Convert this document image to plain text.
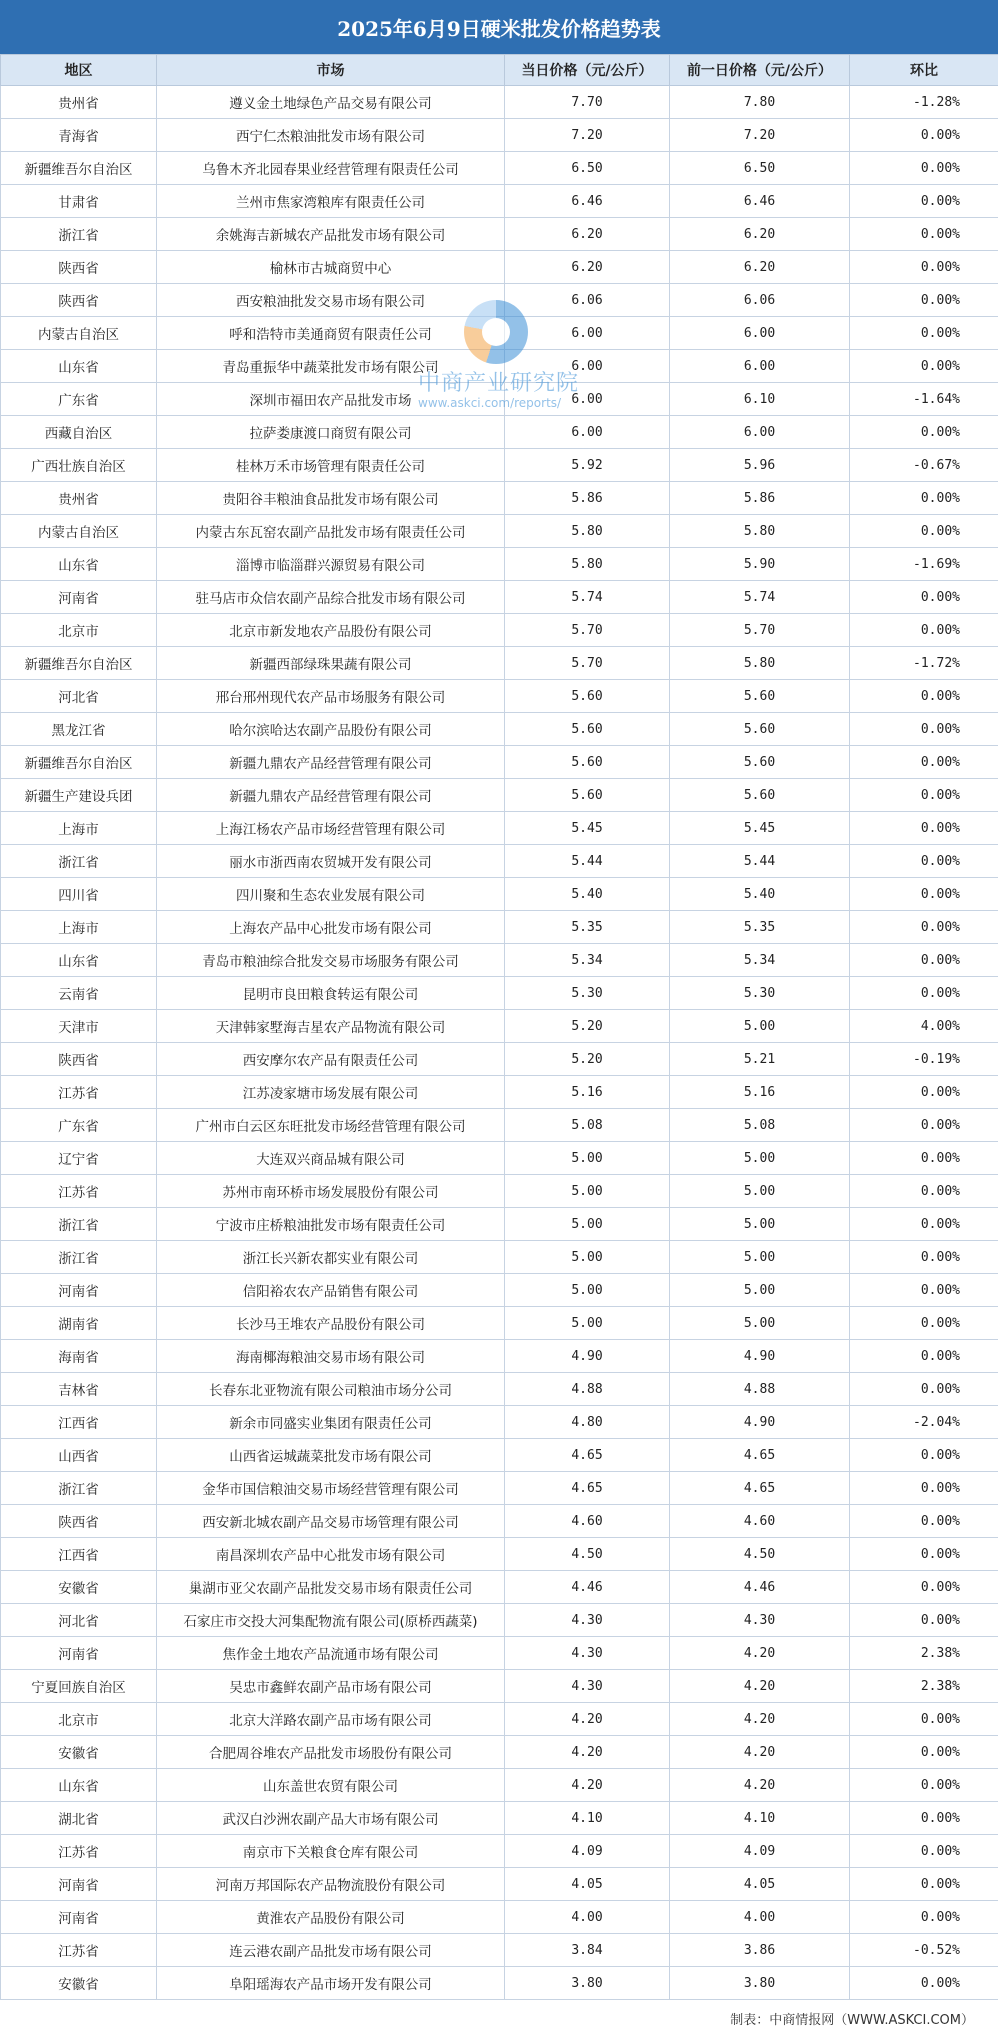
2025年6月9日硬米批发价格趋势表
地区	市场	当日价格（元/公斤）	前一日价格（元/公斤）	环比
贵州省	遵义金土地绿色产品交易有限公司	7.70	7.80	-1.28%
青海省	西宁仁杰粮油批发市场有限公司	7.20	7.20	0.00%
新疆维吾尔自治区	乌鲁木齐北园春果业经营管理有限责任公司	6.50	6.50	0.00%
甘肃省	兰州市焦家湾粮库有限责任公司	6.46	6.46	0.00%
浙江省	余姚海吉新城农产品批发市场有限公司	6.20	6.20	0.00%
陕西省	榆林市古城商贸中心	6.20	6.20	0.00%
陕西省	西安粮油批发交易市场有限公司	6.06	6.06	0.00%
内蒙古自治区	呼和浩特市美通商贸有限责任公司	6.00	6.00	0.00%
山东省	青岛重振华中蔬菜批发市场有限公司	6.00	6.00	0.00%
广东省	深圳市福田农产品批发市场	6.00	6.10	-1.64%
西藏自治区	拉萨娄康渡口商贸有限公司	6.00	6.00	0.00%
广西壮族自治区	桂林万禾市场管理有限责任公司	5.92	5.96	-0.67%
贵州省	贵阳谷丰粮油食品批发市场有限公司	5.86	5.86	0.00%
内蒙古自治区	内蒙古东瓦窑农副产品批发市场有限责任公司	5.80	5.80	0.00%
山东省	淄博市临淄群兴源贸易有限公司	5.80	5.90	-1.69%
河南省	驻马店市众信农副产品综合批发市场有限公司	5.74	5.74	0.00%
北京市	北京市新发地农产品股份有限公司	5.70	5.70	0.00%
新疆维吾尔自治区	新疆西部绿珠果蔬有限公司	5.70	5.80	-1.72%
河北省	邢台邢州现代农产品市场服务有限公司	5.60	5.60	0.00%
黑龙江省	哈尔滨哈达农副产品股份有限公司	5.60	5.60	0.00%
新疆维吾尔自治区	新疆九鼎农产品经营管理有限公司	5.60	5.60	0.00%
新疆生产建设兵团	新疆九鼎农产品经营管理有限公司	5.60	5.60	0.00%
上海市	上海江杨农产品市场经营管理有限公司	5.45	5.45	0.00%
浙江省	丽水市浙西南农贸城开发有限公司	5.44	5.44	0.00%
四川省	四川聚和生态农业发展有限公司	5.40	5.40	0.00%
上海市	上海农产品中心批发市场有限公司	5.35	5.35	0.00%
山东省	青岛市粮油综合批发交易市场服务有限公司	5.34	5.34	0.00%
云南省	昆明市良田粮食转运有限公司	5.30	5.30	0.00%
天津市	天津韩家墅海吉星农产品物流有限公司	5.20	5.00	4.00%
陕西省	西安摩尔农产品有限责任公司	5.20	5.21	-0.19%
江苏省	江苏凌家塘市场发展有限公司	5.16	5.16	0.00%
广东省	广州市白云区东旺批发市场经营管理有限公司	5.08	5.08	0.00%
辽宁省	大连双兴商品城有限公司	5.00	5.00	0.00%
江苏省	苏州市南环桥市场发展股份有限公司	5.00	5.00	0.00%
浙江省	宁波市庄桥粮油批发市场有限责任公司	5.00	5.00	0.00%
浙江省	浙江长兴新农都实业有限公司	5.00	5.00	0.00%
河南省	信阳裕农农产品销售有限公司	5.00	5.00	0.00%
湖南省	长沙马王堆农产品股份有限公司	5.00	5.00	0.00%
海南省	海南椰海粮油交易市场有限公司	4.90	4.90	0.00%
吉林省	长春东北亚物流有限公司粮油市场分公司	4.88	4.88	0.00%
江西省	新余市同盛实业集团有限责任公司	4.80	4.90	-2.04%
山西省	山西省运城蔬菜批发市场有限公司	4.65	4.65	0.00%
浙江省	金华市国信粮油交易市场经营管理有限公司	4.65	4.65	0.00%
陕西省	西安新北城农副产品交易市场管理有限公司	4.60	4.60	0.00%
江西省	南昌深圳农产品中心批发市场有限公司	4.50	4.50	0.00%
安徽省	巢湖市亚父农副产品批发交易市场有限责任公司	4.46	4.46	0.00%
河北省	石家庄市交投大河集配物流有限公司(原桥西蔬菜)	4.30	4.30	0.00%
河南省	焦作金土地农产品流通市场有限公司	4.30	4.20	2.38%
宁夏回族自治区	吴忠市鑫鲜农副产品市场有限公司	4.30	4.20	2.38%
北京市	北京大洋路农副产品市场有限公司	4.20	4.20	0.00%
安徽省	合肥周谷堆农产品批发市场股份有限公司	4.20	4.20	0.00%
山东省	山东盖世农贸有限公司	4.20	4.20	0.00%
湖北省	武汉白沙洲农副产品大市场有限公司	4.10	4.10	0.00%
江苏省	南京市下关粮食仓库有限公司	4.09	4.09	0.00%
河南省	河南万邦国际农产品物流股份有限公司	4.05	4.05	0.00%
河南省	黄淮农产品股份有限公司	4.00	4.00	0.00%
江苏省	连云港农副产品批发市场有限公司	3.84	3.86	-0.52%
安徽省	阜阳瑶海农产品市场开发有限公司	3.80	3.80	0.00%
中商产业研究院
www.askci.com/reports/
制表：中商情报网（WWW.ASKCI.COM）
